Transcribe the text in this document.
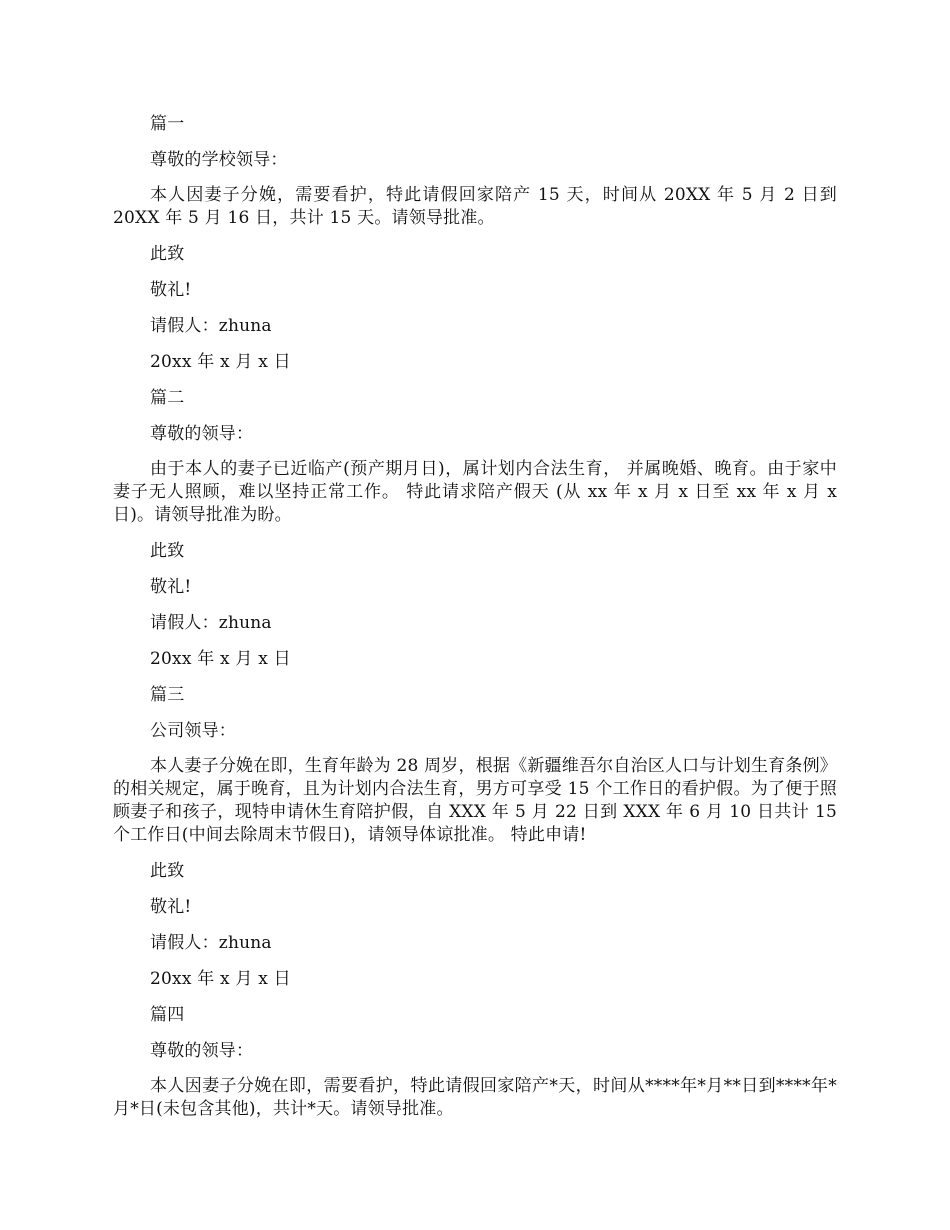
篇一
尊敬的学校领导：
本人因妻子分娩，需要看护，特此请假回家陪产 15 天，时间从 20XX 年 5 月 2 日到 20XX 年 5 月 16 日，共计 15 天。请领导批准。
此致
敬礼!
请假人：zhuna
20xx 年 x 月 x 日
篇二
尊敬的领导：
由于本人的妻子已近临产(预产期月日)，属计划内合法生育， 并属晚婚、晚育。由于家中妻子无人照顾，难以坚持正常工作。 特此请求陪产假天 (从 xx 年 x 月 x 日至 xx 年 x 月 x 日)。请领导批准为盼。
此致
敬礼!
请假人：zhuna
20xx 年 x 月 x 日
篇三
公司领导：
本人妻子分娩在即，生育年龄为 28 周岁，根据《新疆维吾尔自治区人口与计划生育条例》的相关规定，属于晚育，且为计划内合法生育，男方可享受 15 个工作日的看护假。为了便于照顾妻子和孩子，现特申请休生育陪护假，自 XXX 年 5 月 22 日到 XXX 年 6 月 10 日共计 15 个工作日(中间去除周末节假日)，请领导体谅批准。 特此申请!
此致
敬礼!
请假人：zhuna
20xx 年 x 月 x 日
篇四
尊敬的领导：
本人因妻子分娩在即，需要看护，特此请假回家陪产*天，时间从****年*月**日到****年*月*日(未包含其他)，共计*天。请领导批准。
